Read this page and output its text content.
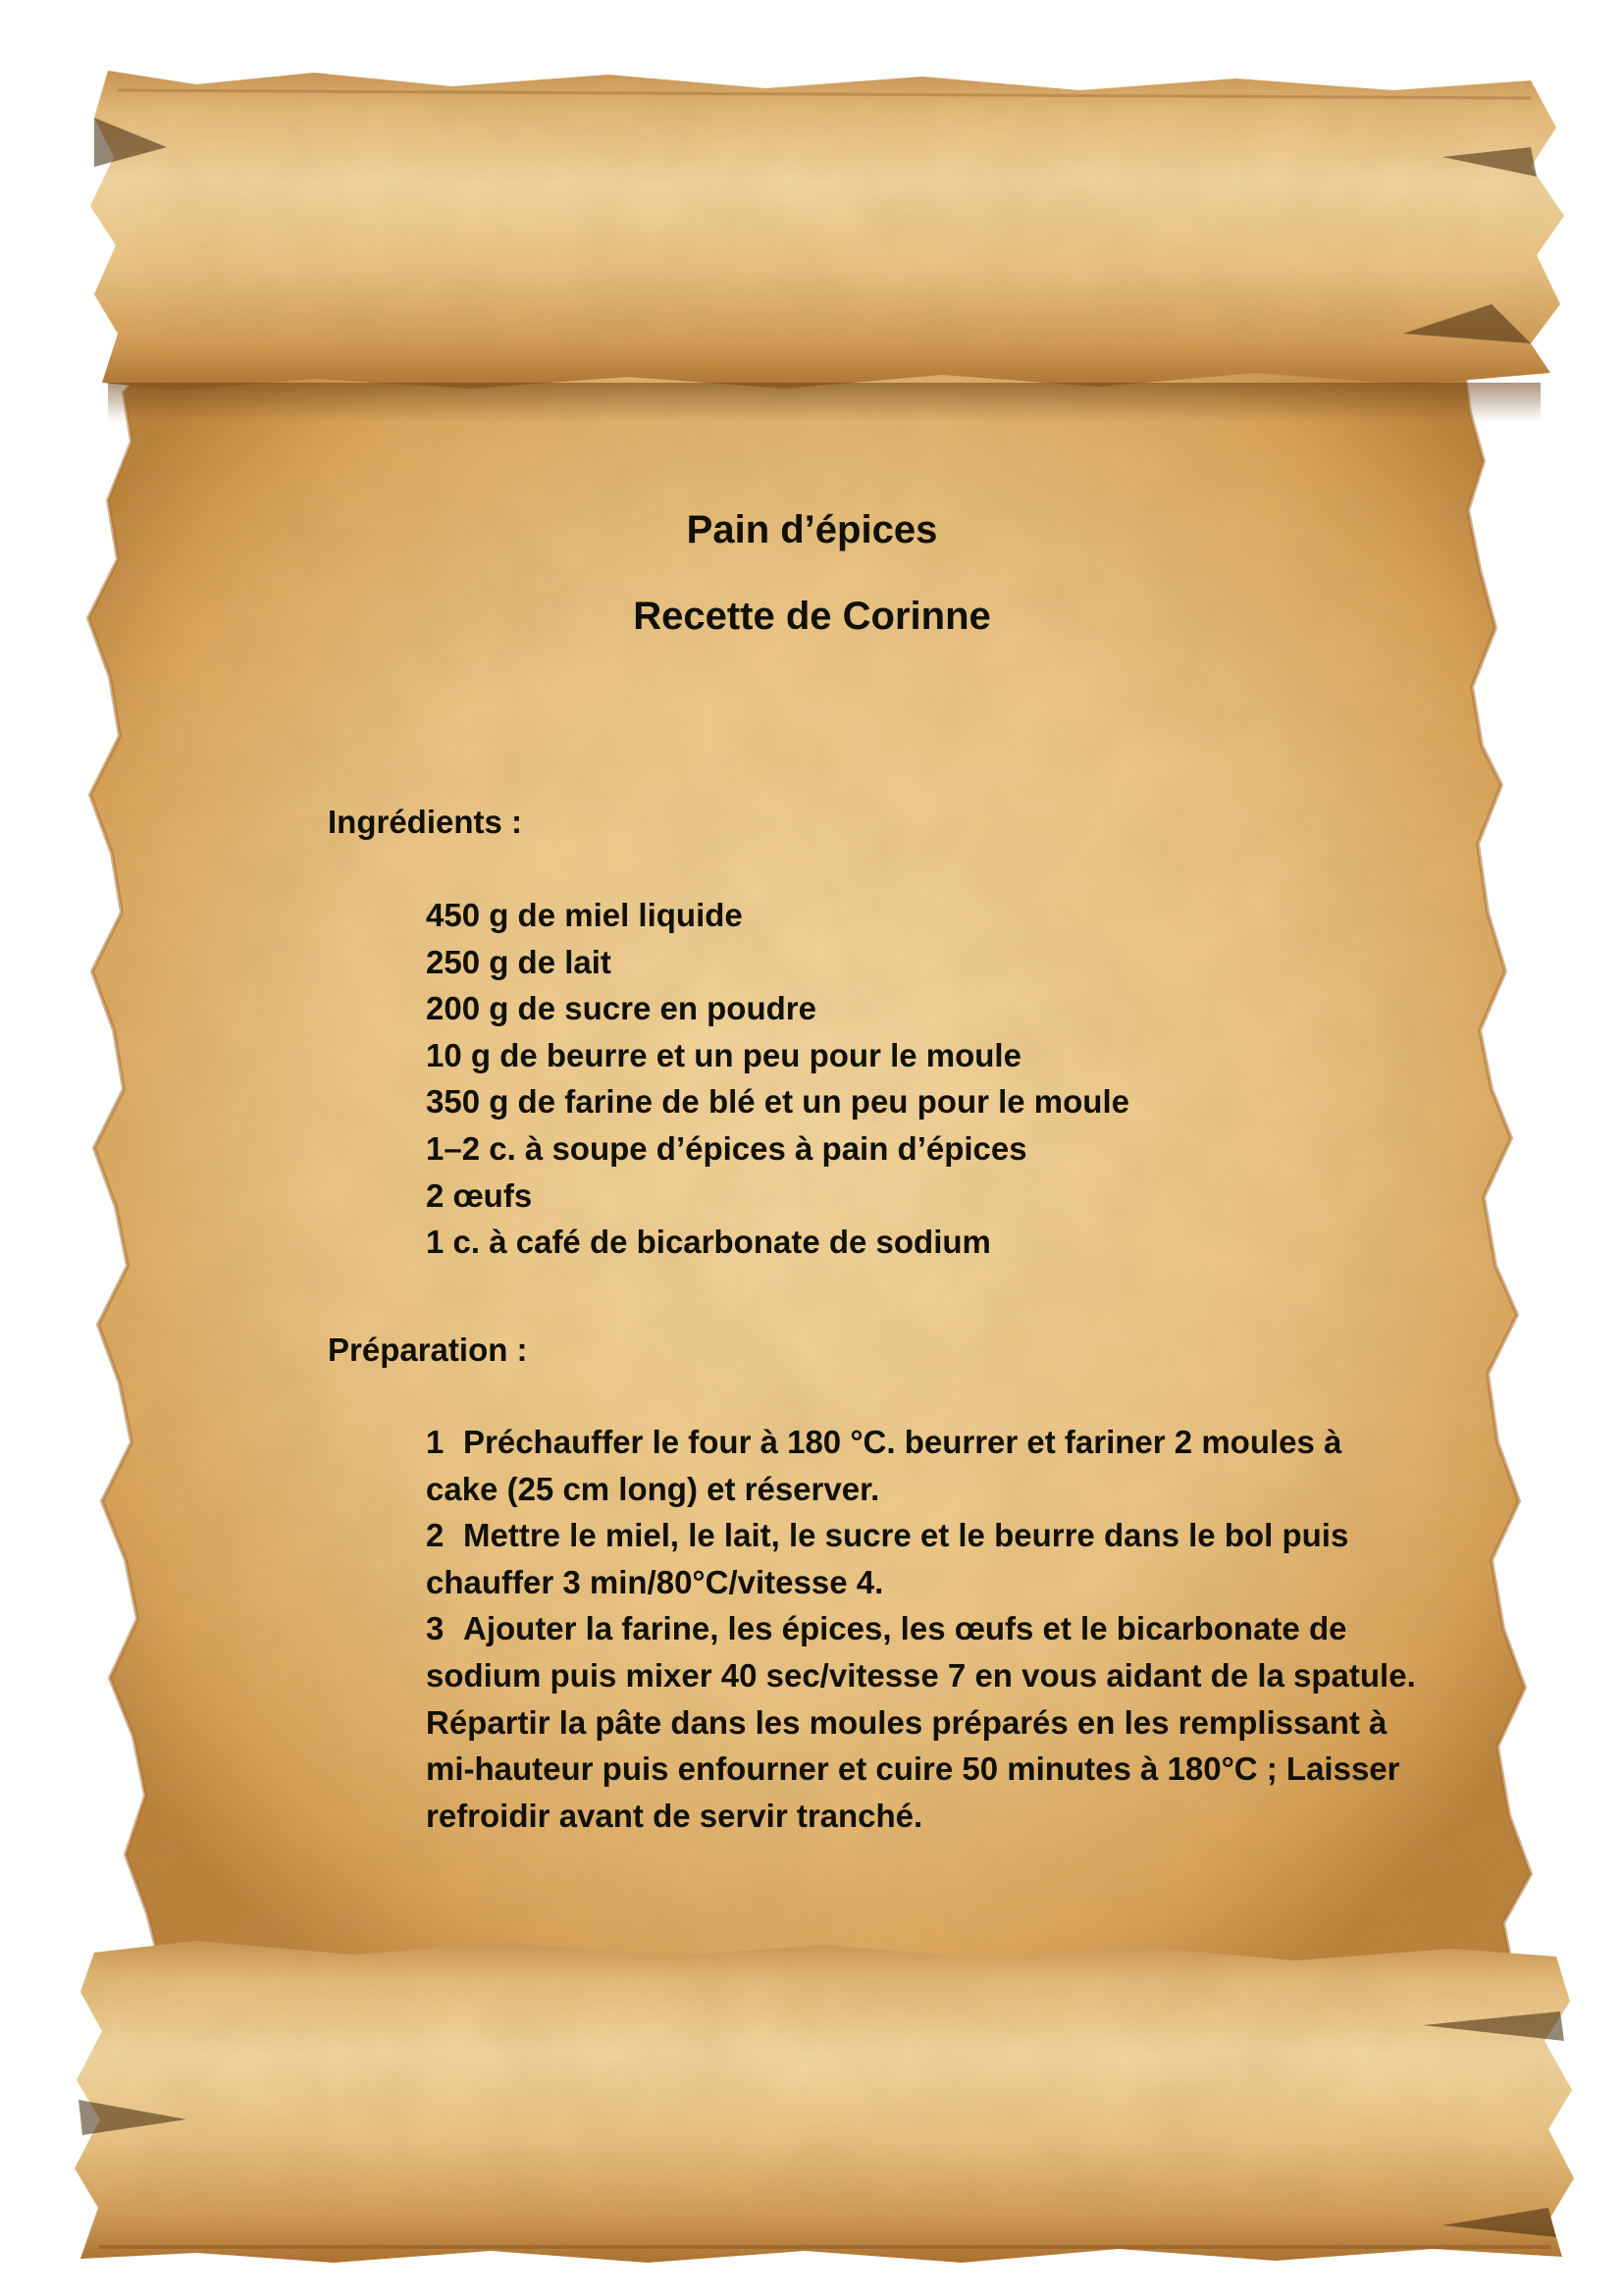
Pain d’épices
Recette de Corinne
Ingrédients :
450 g de miel liquide
250 g de lait
200 g de sucre en poudre
10 g de beurre et un peu pour le moule
350 g de farine de blé et un peu pour le moule
1–2 c. à soupe d’épices à pain d’épices
2 œufs
1 c. à café de bicarbonate de sodium
Préparation :

1 Préchauffer le four à 180 °C. beurrer et fariner 2 moules à cake (25 cm long) et réserver.

2 Mettre le miel, le lait, le sucre et le beurre dans le bol puis chauffer 3 min/80°C/vitesse 4.

3 Ajouter la farine, les épices, les œufs et le bicarbonate de sodium puis mixer 40 sec/vitesse 7 en vous aidant de la spatule. Répartir la pâte dans les moules préparés en les remplissant à mi-hauteur puis enfourner et cuire 50 minutes à 180°C ; Laisser refroidir avant de servir tranché.
